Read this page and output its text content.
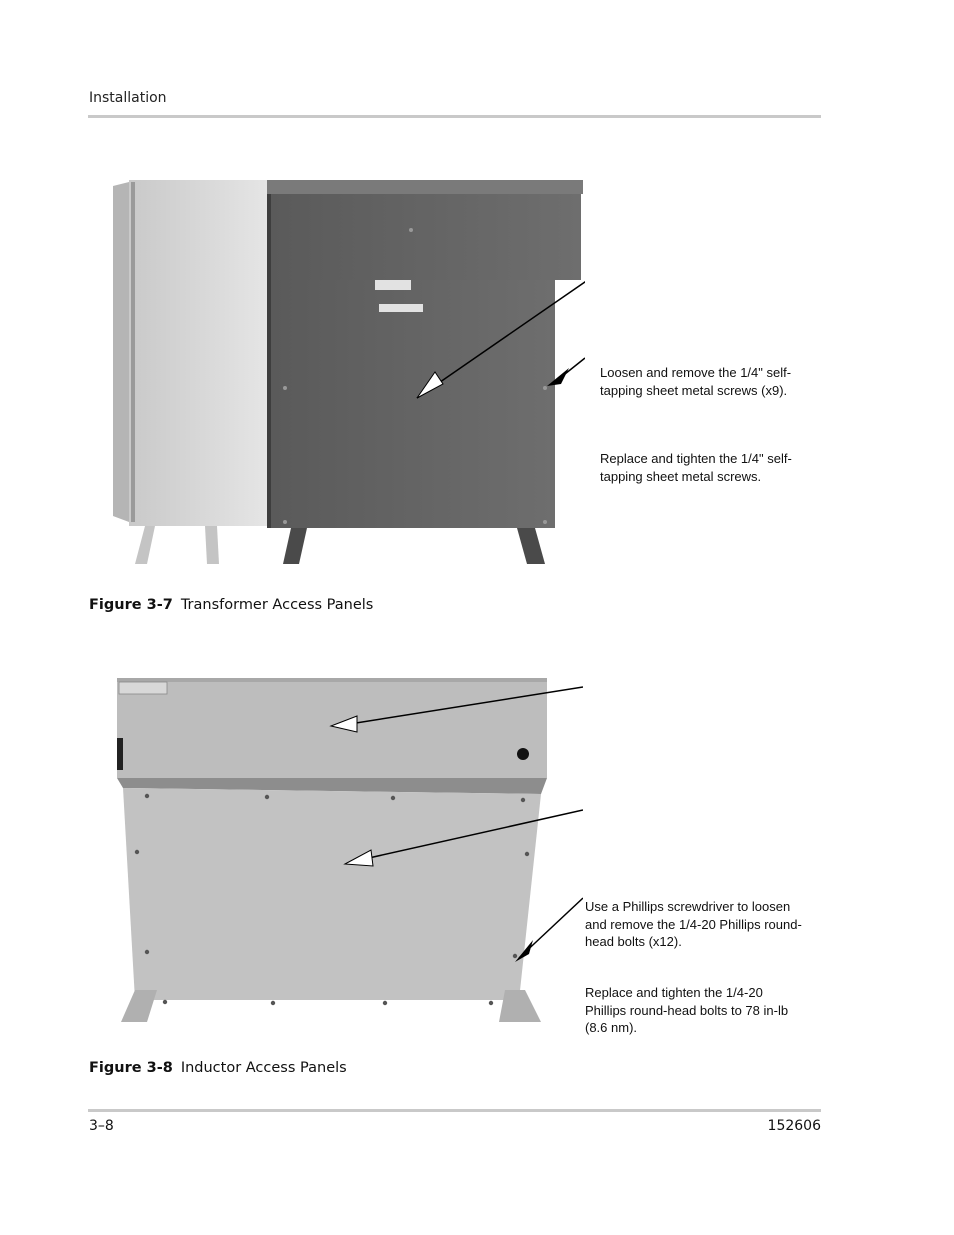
Installation
Loosen and remove the 1/4" self-tapping sheet metal screws (x9).
Replace and tighten the 1/4" self-tapping sheet metal screws.
Figure 3-7 Transformer Access Panels
Use a Phillips screwdriver to loosen and remove the 1/4-20 Phillips round-head bolts (x12).
Replace and tighten the 1/4-20 Phillips round-head bolts to 78 in-lb (8.6 nm).
Figure 3-8 Inductor Access Panels
3–8	152606
